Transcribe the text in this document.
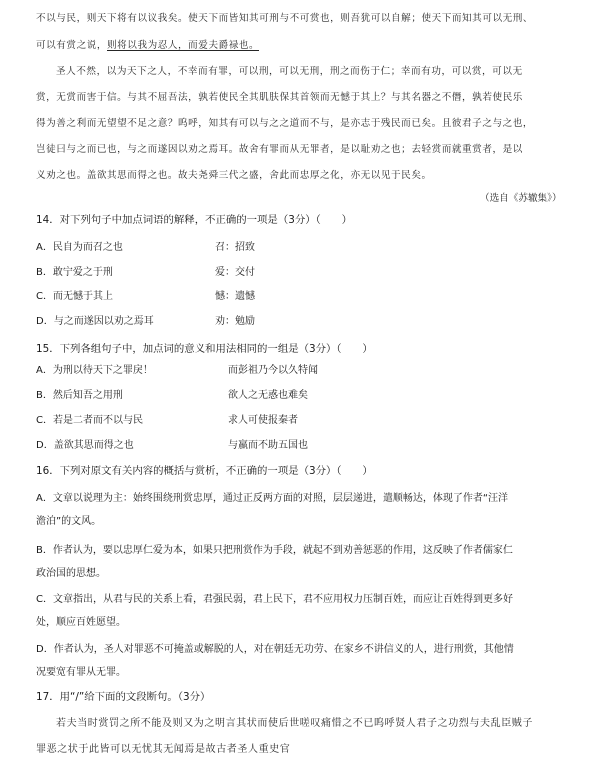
不以与民，则天下将有以议我矣。使天下而皆知其可刑与不可赏也，则吾犹可以自解；使天下而知其可以无刑、
可以有赏之说，则将以我为忍人，而爱夫爵禄也。
圣人不然，以为天下之人，不幸而有罪，可以刑，可以无刑，刑之而伤于仁；幸而有功，可以赏，可以无
赏，无赏而害于信。与其不屈吾法，孰若使民全其肌肤保其首领而无憾于其上？与其名器之不僭，孰若使民乐
得为善之利而无望望不足之意？呜呼，知其有可以与之之道而不与，是亦志于残民而已矣。且彼君子之与之也，
岂徒曰与之而已也，与之而遂因以劝之焉耳。故舍有罪而从无罪者，是以耻劝之也；去轻赏而就重赏者，是以
义劝之也。盖欲其思而得之也。故夫尧舜三代之盛，舍此而忠厚之化，亦无以见于民矣。
（选自《苏辙集》）
14．对下列句子中加点词语的解释，不正确的一项是（3分）（　　）
A．民自为而召之也	召：招致
B．敢宁爱之于刑	爱：交付
C．而无憾于其上	憾：遗憾
D．与之而遂因以劝之焉耳	劝：勉励
15．下列各组句子中，加点词的意义和用法相同的一组是（3分）（　　）
A．为刑以待天下之罪戾！	而彭祖乃今以久特闻
B．然后知吾之用刑	欲人之无惑也难矣
C．若是二者而不以与民	求人可使报秦者
D．盖欲其思而得之也	与嬴而不助五国也
16．下列对原文有关内容的概括与赏析，不正确的一项是（3分）（　　）
A．文章以说理为主：始终围绕刑赏忠厚，通过正反两方面的对照，层层递进，遣顺畅达，体现了作者“汪洋
澹泊”的文风。
B．作者认为，要以忠厚仁爱为本，如果只把刑赏作为手段，就起不到劝善惩恶的作用，这反映了作者儒家仁
政治国的思想。
C．文章指出，从君与民的关系上看，君强民弱，君上民下，君不应用权力压制百姓，而应让百姓得到更多好
处，顺应百姓愿望。
D．作者认为，圣人对罪恶不可掩盖或解脱的人，对在朝廷无功劳、在家乡不讲信义的人，进行刑赏，其他情
况要宽有罪从无罪。
17．用“/”给下面的文段断句。（3分）
若夫当时赏罚之所不能及则又为之明言其状而使后世嗟叹痛惜之不已呜呼贤人君子之功烈与夫乱臣贼子
罪恶之状于此皆可以无忧其无闻焉是故古者圣人重史官
